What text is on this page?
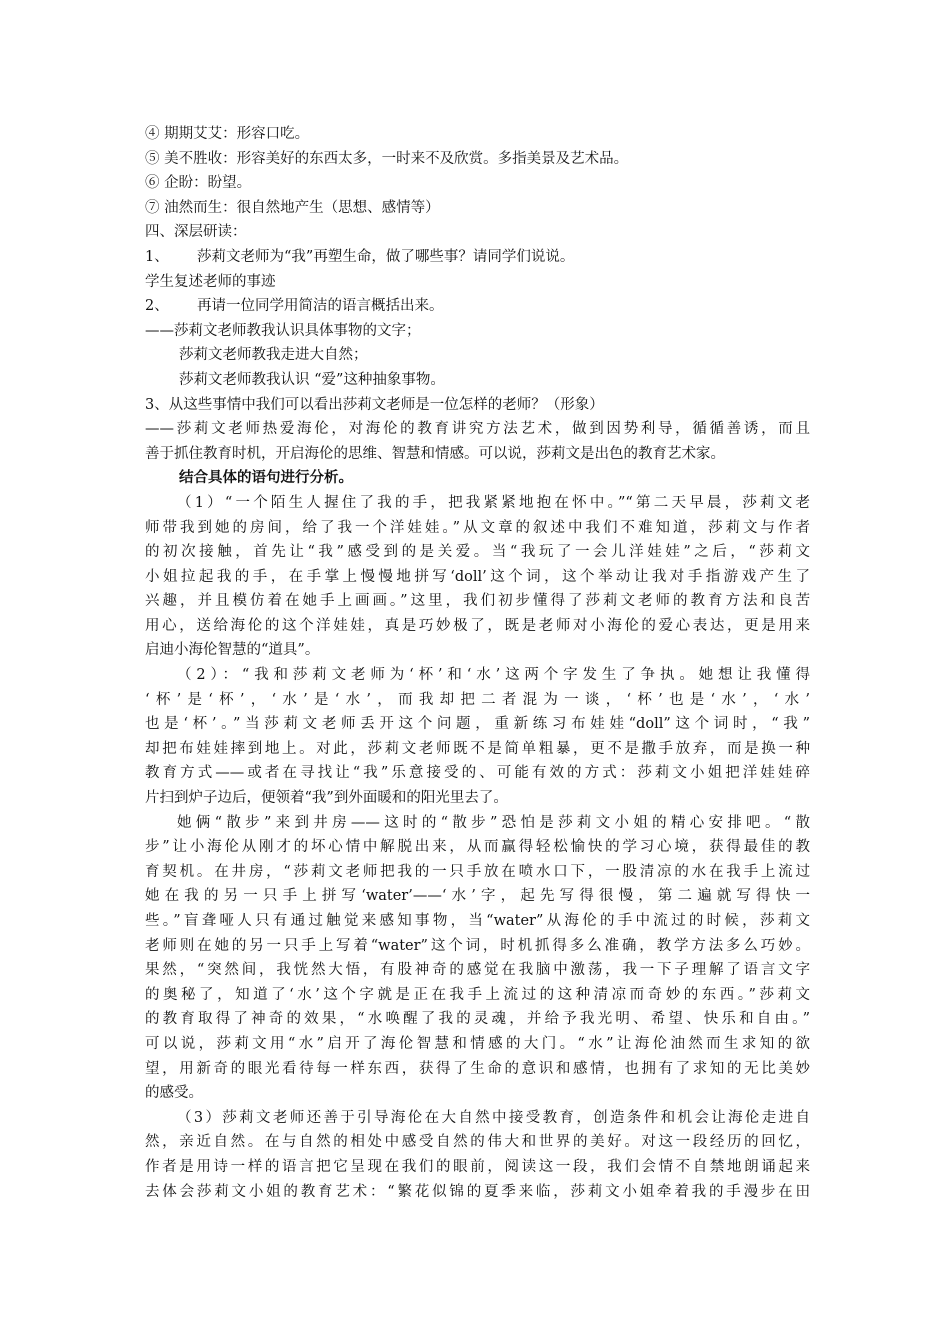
④ 期期艾艾：形容口吃。
⑤ 美不胜收：形容美好的东西太多，一时来不及欣赏。多指美景及艺术品。
⑥ 企盼：盼望。
⑦ 油然而生：很自然地产生（思想、感情等）
四、深层研读：
1、 莎莉文老师为“我”再塑生命，做了哪些事？请同学们说说。
学生复述老师的事迹
2、 再请一位同学用简洁的语言概括出来。
——莎莉文老师教我认识具体事物的文字；
莎莉文老师教我走进大自然；
莎莉文老师教我认识 “爱”这种抽象事物。
3、从这些事情中我们可以看出莎莉文老师是一位怎样的老师？（形象）
——莎莉文老师热爱海伦，对海伦的教育讲究方法艺术，做到因势利导，循循善诱，而且
善于抓住教育时机，开启海伦的思维、智慧和情感。可以说，莎莉文是出色的教育艺术家。
结合具体的语句进行分析。
（1）“一个陌生人握住了我的手，把我紧紧地抱在怀中。”“第二天早晨，莎莉文老
师带我到她的房间，给了我一个洋娃娃。”从文章的叙述中我们不难知道，莎莉文与作者
的初次接触，首先让“我”感受到的是关爱。当“我玩了一会儿洋娃娃”之后，“莎莉文
小姐拉起我的手，在手掌上慢慢地拼写‘doll’这个词，这个举动让我对手指游戏产生了
兴趣，并且模仿着在她手上画画。”这里，我们初步懂得了莎莉文老师的教育方法和良苦
用心，送给海伦的这个洋娃娃，真是巧妙极了，既是老师对小海伦的爱心表达，更是用来
启迪小海伦智慧的“道具”。
（2）：“我和莎莉文老师为‘杯’和‘水’这两个字发生了争执。她想让我懂得
‘杯’是‘杯’，‘水’是‘水’，而我却把二者混为一谈，‘杯’也是‘水’，‘水’
也是‘杯’。”当莎莉文老师丢开这个问题，重新练习布娃娃“doll”这个词时，“我”
却把布娃娃摔到地上。对此，莎莉文老师既不是简单粗暴，更不是撒手放弃，而是换一种
教育方式——或者在寻找让“我”乐意接受的、可能有效的方式：莎莉文小姐把洋娃娃碎
片扫到炉子边后，便领着“我”到外面暖和的阳光里去了。
她俩“散步”来到井房——这时的“散步”恐怕是莎莉文小姐的精心安排吧。“散
步”让小海伦从刚才的坏心情中解脱出来，从而赢得轻松愉快的学习心境，获得最佳的教
育契机。在井房，“莎莉文老师把我的一只手放在喷水口下，一股清凉的水在我手上流过
她在我的另一只手上拼写‘water’——‘水’字，起先写得很慢，第二遍就写得快一
些。”盲聋哑人只有通过触觉来感知事物，当“water”从海伦的手中流过的时候，莎莉文
老师则在她的另一只手上写着“water”这个词，时机抓得多么准确，教学方法多么巧妙。
果然，“突然间，我恍然大悟，有股神奇的感觉在我脑中激荡，我一下子理解了语言文字
的奥秘了，知道了‘水’这个字就是正在我手上流过的这种清凉而奇妙的东西。”莎莉文
的教育取得了神奇的效果，“水唤醒了我的灵魂，并给予我光明、希望、快乐和自由。”
可以说，莎莉文用“水”启开了海伦智慧和情感的大门。“水”让海伦油然而生求知的欲
望，用新奇的眼光看待每一样东西，获得了生命的意识和感情，也拥有了求知的无比美妙
的感受。
（3）莎莉文老师还善于引导海伦在大自然中接受教育，创造条件和机会让海伦走进自
然，亲近自然。在与自然的相处中感受自然的伟大和世界的美好。对这一段经历的回忆，
作者是用诗一样的语言把它呈现在我们的眼前，阅读这一段，我们会情不自禁地朗诵起来
去体会莎莉文小姐的教育艺术：“繁花似锦的夏季来临，莎莉文小姐牵着我的手漫步在田
